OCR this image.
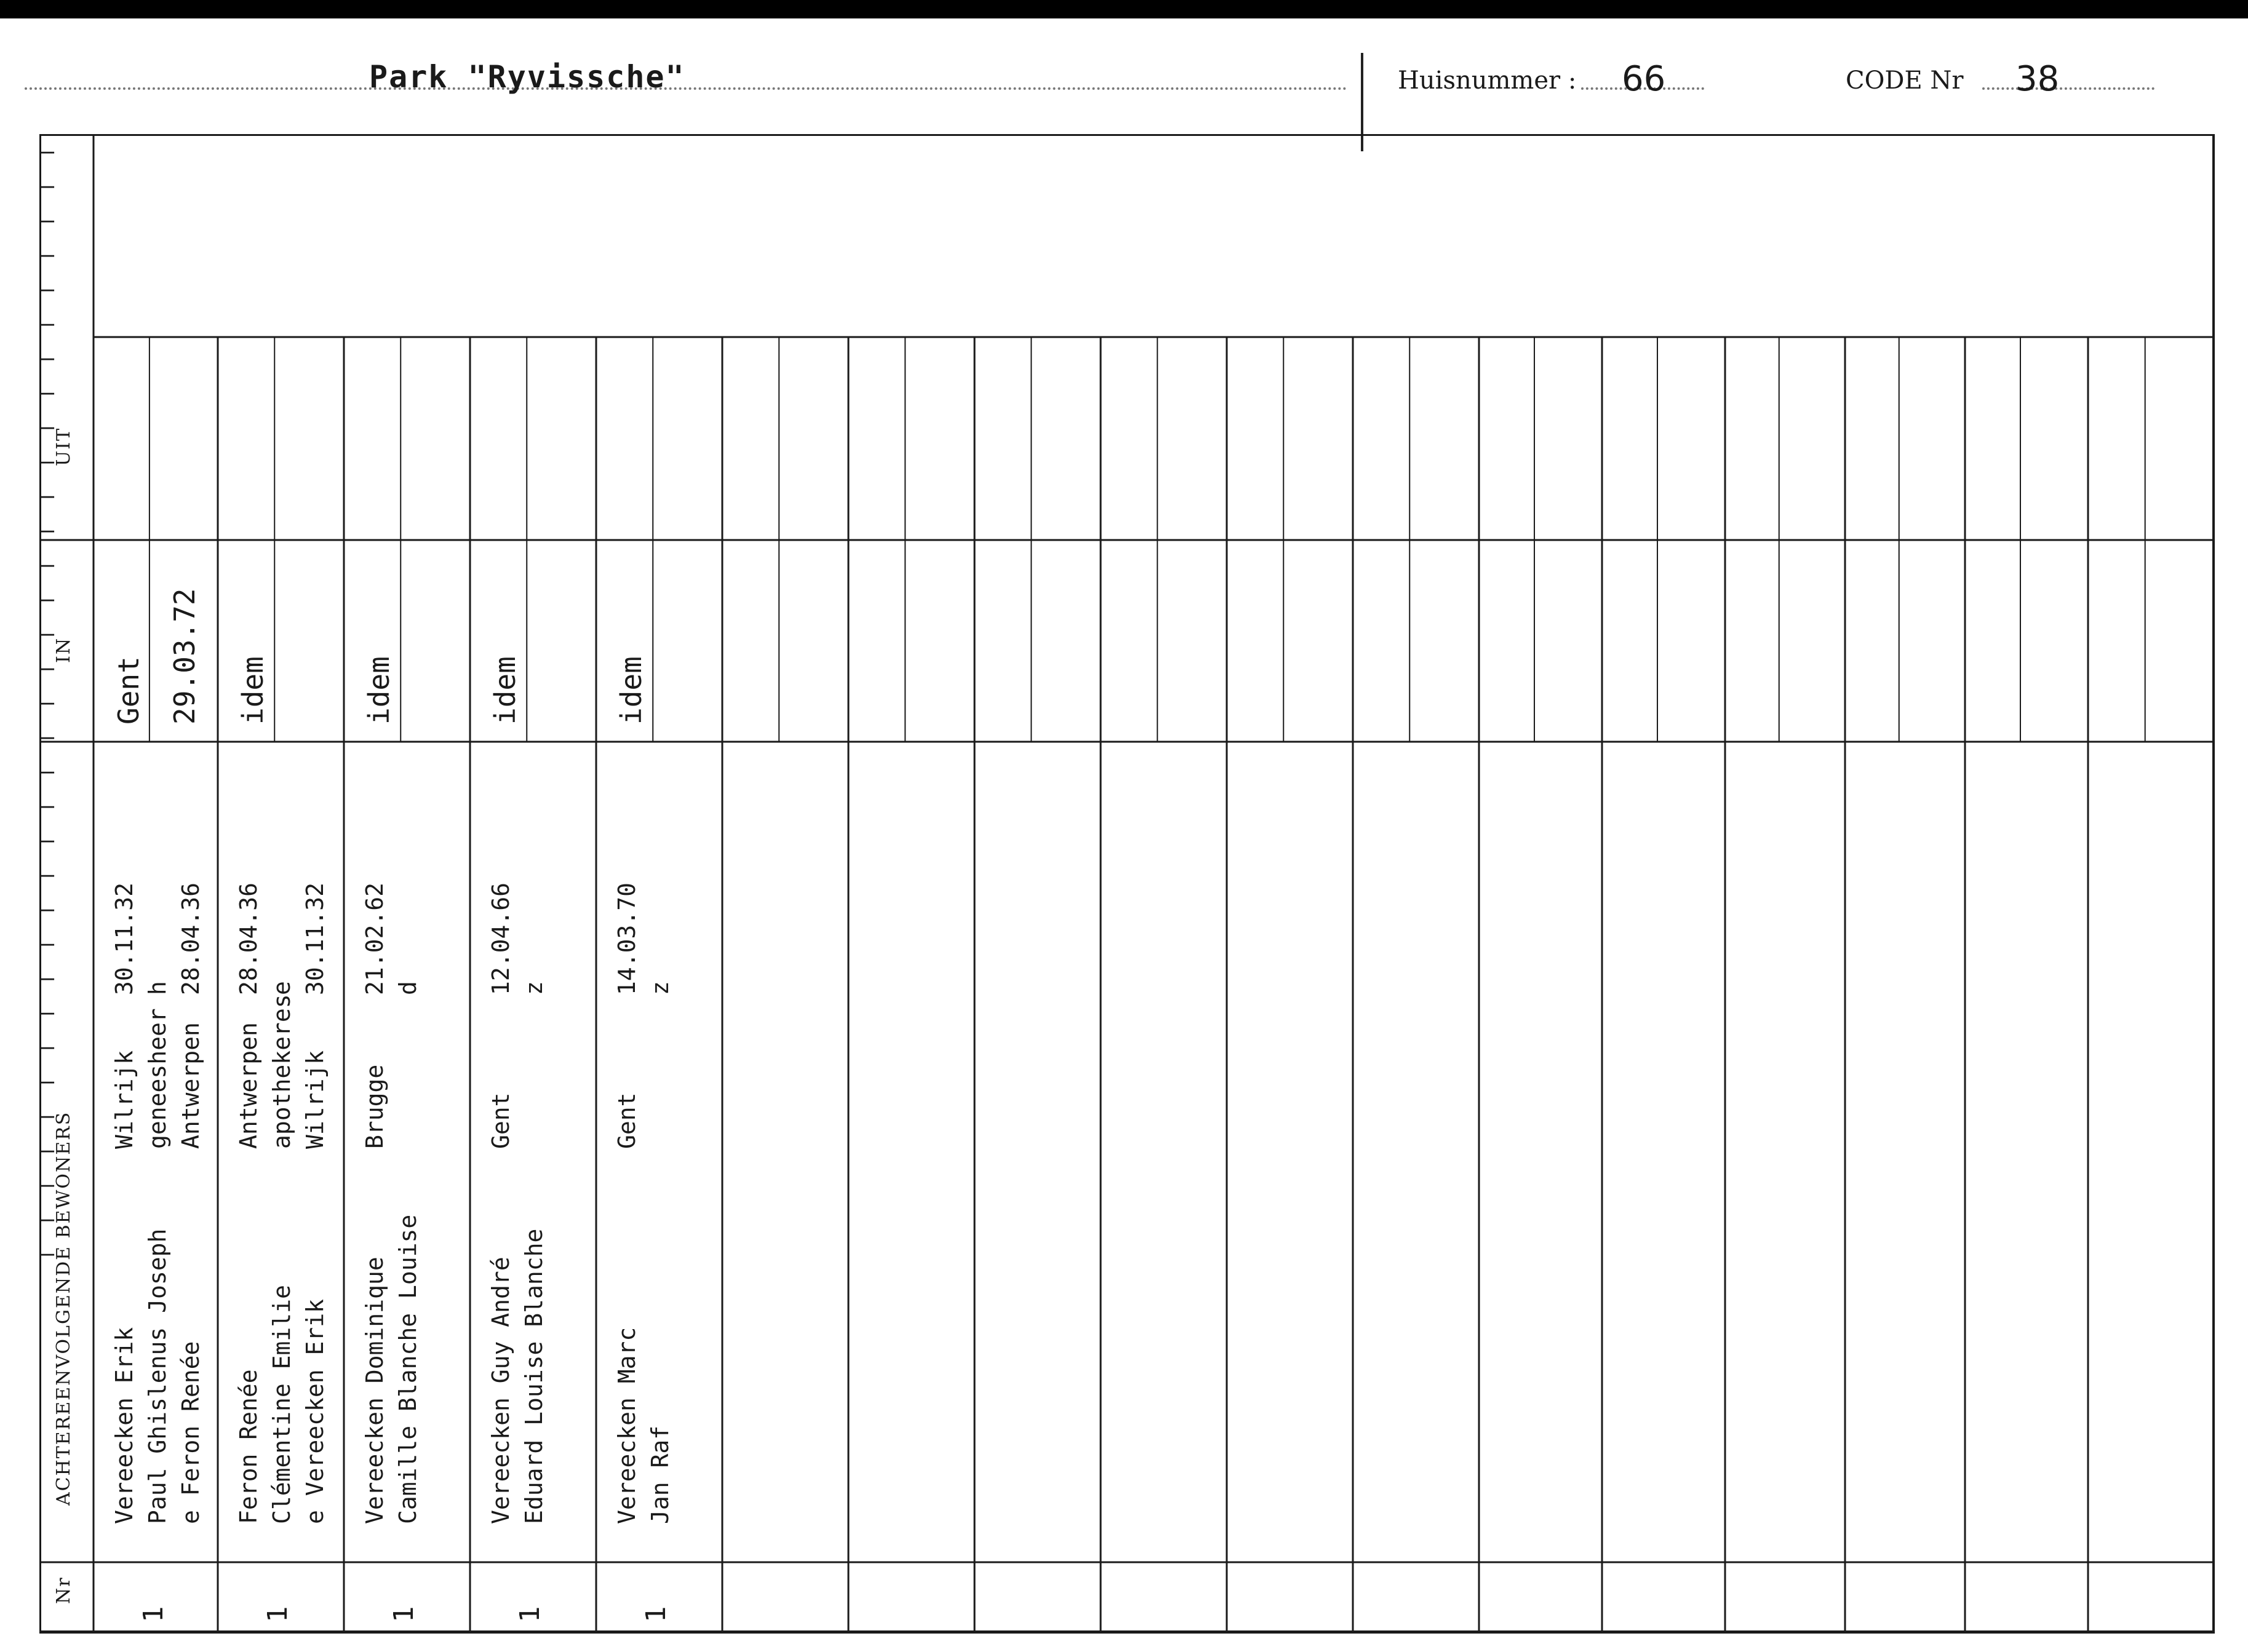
Park "Ryvissche"	Huisnummer : 66	CODE Nr 38
Nr
ACHTEREENVOLGENDE BEWONERS
IN
UIT
—
—
—
—
—
—
—
—
—
—
—
—
—
—
—
—
—
—
—
—
—
—
—
—
—
—
—
—
—
—
—
—
—
1
Gent 29.03.72
Vereecken Erik Paul Ghislenus Joseph e Feron Renée
Wilrijk geneesheer Antwerpen
30.11.32 h 28.04.36
1
idem
Feron Renée Clémentine Emilie e Vereecken Erik
Antwerpen apothekeres Wilrijk
28.04.36 e 30.11.32
1
idem
Vereecken Dominique Camille Blanche Louise
Brugge
21.02.62 d
1
idem
Vereecken Guy André Eduard Louise Blanche
Gent
12.04.66 z
1
idem
Vereecken Marc Jan Raf
Gent
14.03.70 z
